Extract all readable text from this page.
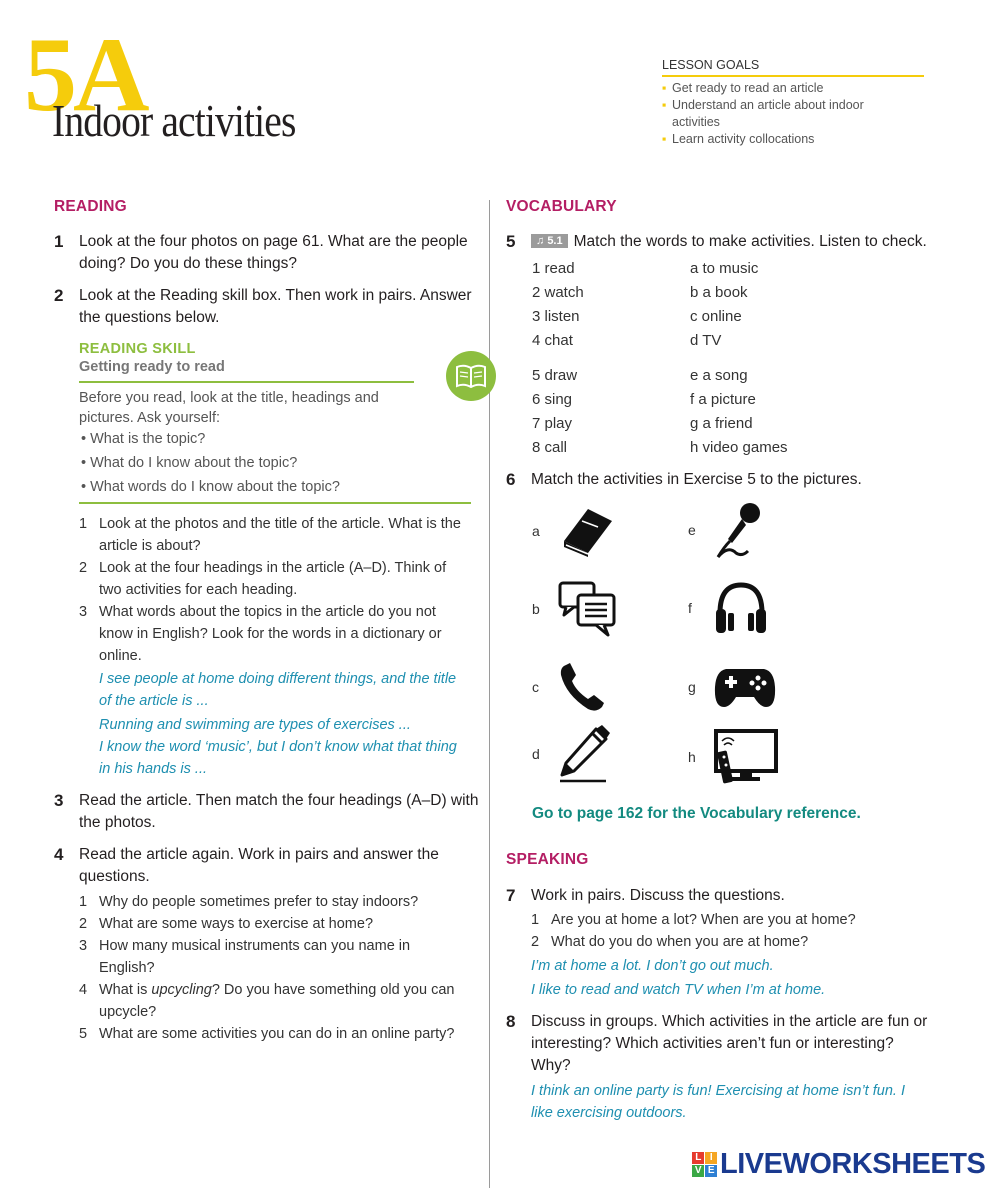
5A
Indoor activities
LESSON GOALS
▪ Get ready to read an article
▪ Understand an article about indoor activities
▪ Learn activity collocations
READING
1 Look at the four photos on page 61. What are the people doing? Do you do these things?
2 Look at the Reading skill box. Then work in pairs. Answer the questions below.
READING SKILL
Getting ready to read
Before you read, look at the title, headings and pictures. Ask yourself:
• What is the topic?
• What do I know about the topic?
• What words do I know about the topic?
1 Look at the photos and the title of the article. What is the article is about?
2 Look at the four headings in the article (A–D). Think of two activities for each heading.
3 What words about the topics in the article do you not know in English? Look for the words in a dictionary or online.
I see people at home doing different things, and the title of the article is ...
Running and swimming are types of exercises ...
I know the word ‘music’, but I don’t know what that thing in his hands is ...
3 Read the article. Then match the four headings (A–D) with the photos.
4 Read the article again. Work in pairs and answer the questions.
1 Why do people sometimes prefer to stay indoors?
2 What are some ways to exercise at home?
3 How many musical instruments can you name in English?
4 What is upcycling? Do you have something old you can upcycle?
5 What are some activities you can do in an online party?
VOCABULARY
5 ♫ 5.1 Match the words to make activities. Listen to check.
1 read	a to music
2 watch	b a book
3 listen	c online
4 chat	d TV
5 draw	e a song
6 sing	f a picture
7 play	g a friend
8 call	h video games
6 Match the activities in Exercise 5 to the pictures.
a
b
c
d
e
f
g
h
Go to page 162 for the Vocabulary reference.
SPEAKING
7 Work in pairs. Discuss the questions.
1 Are you at home a lot? When are you at home?
2 What do you do when you are at home?
I’m at home a lot. I don’t go out much.
I like to read and watch TV when I’m at home.
8 Discuss in groups. Which activities in the article are fun or interesting? Which activities aren’t fun or interesting? Why?
I think an online party is fun! Exercising at home isn’t fun. I like exercising outdoors.
L I
V E LIVEWORKSHEETS
